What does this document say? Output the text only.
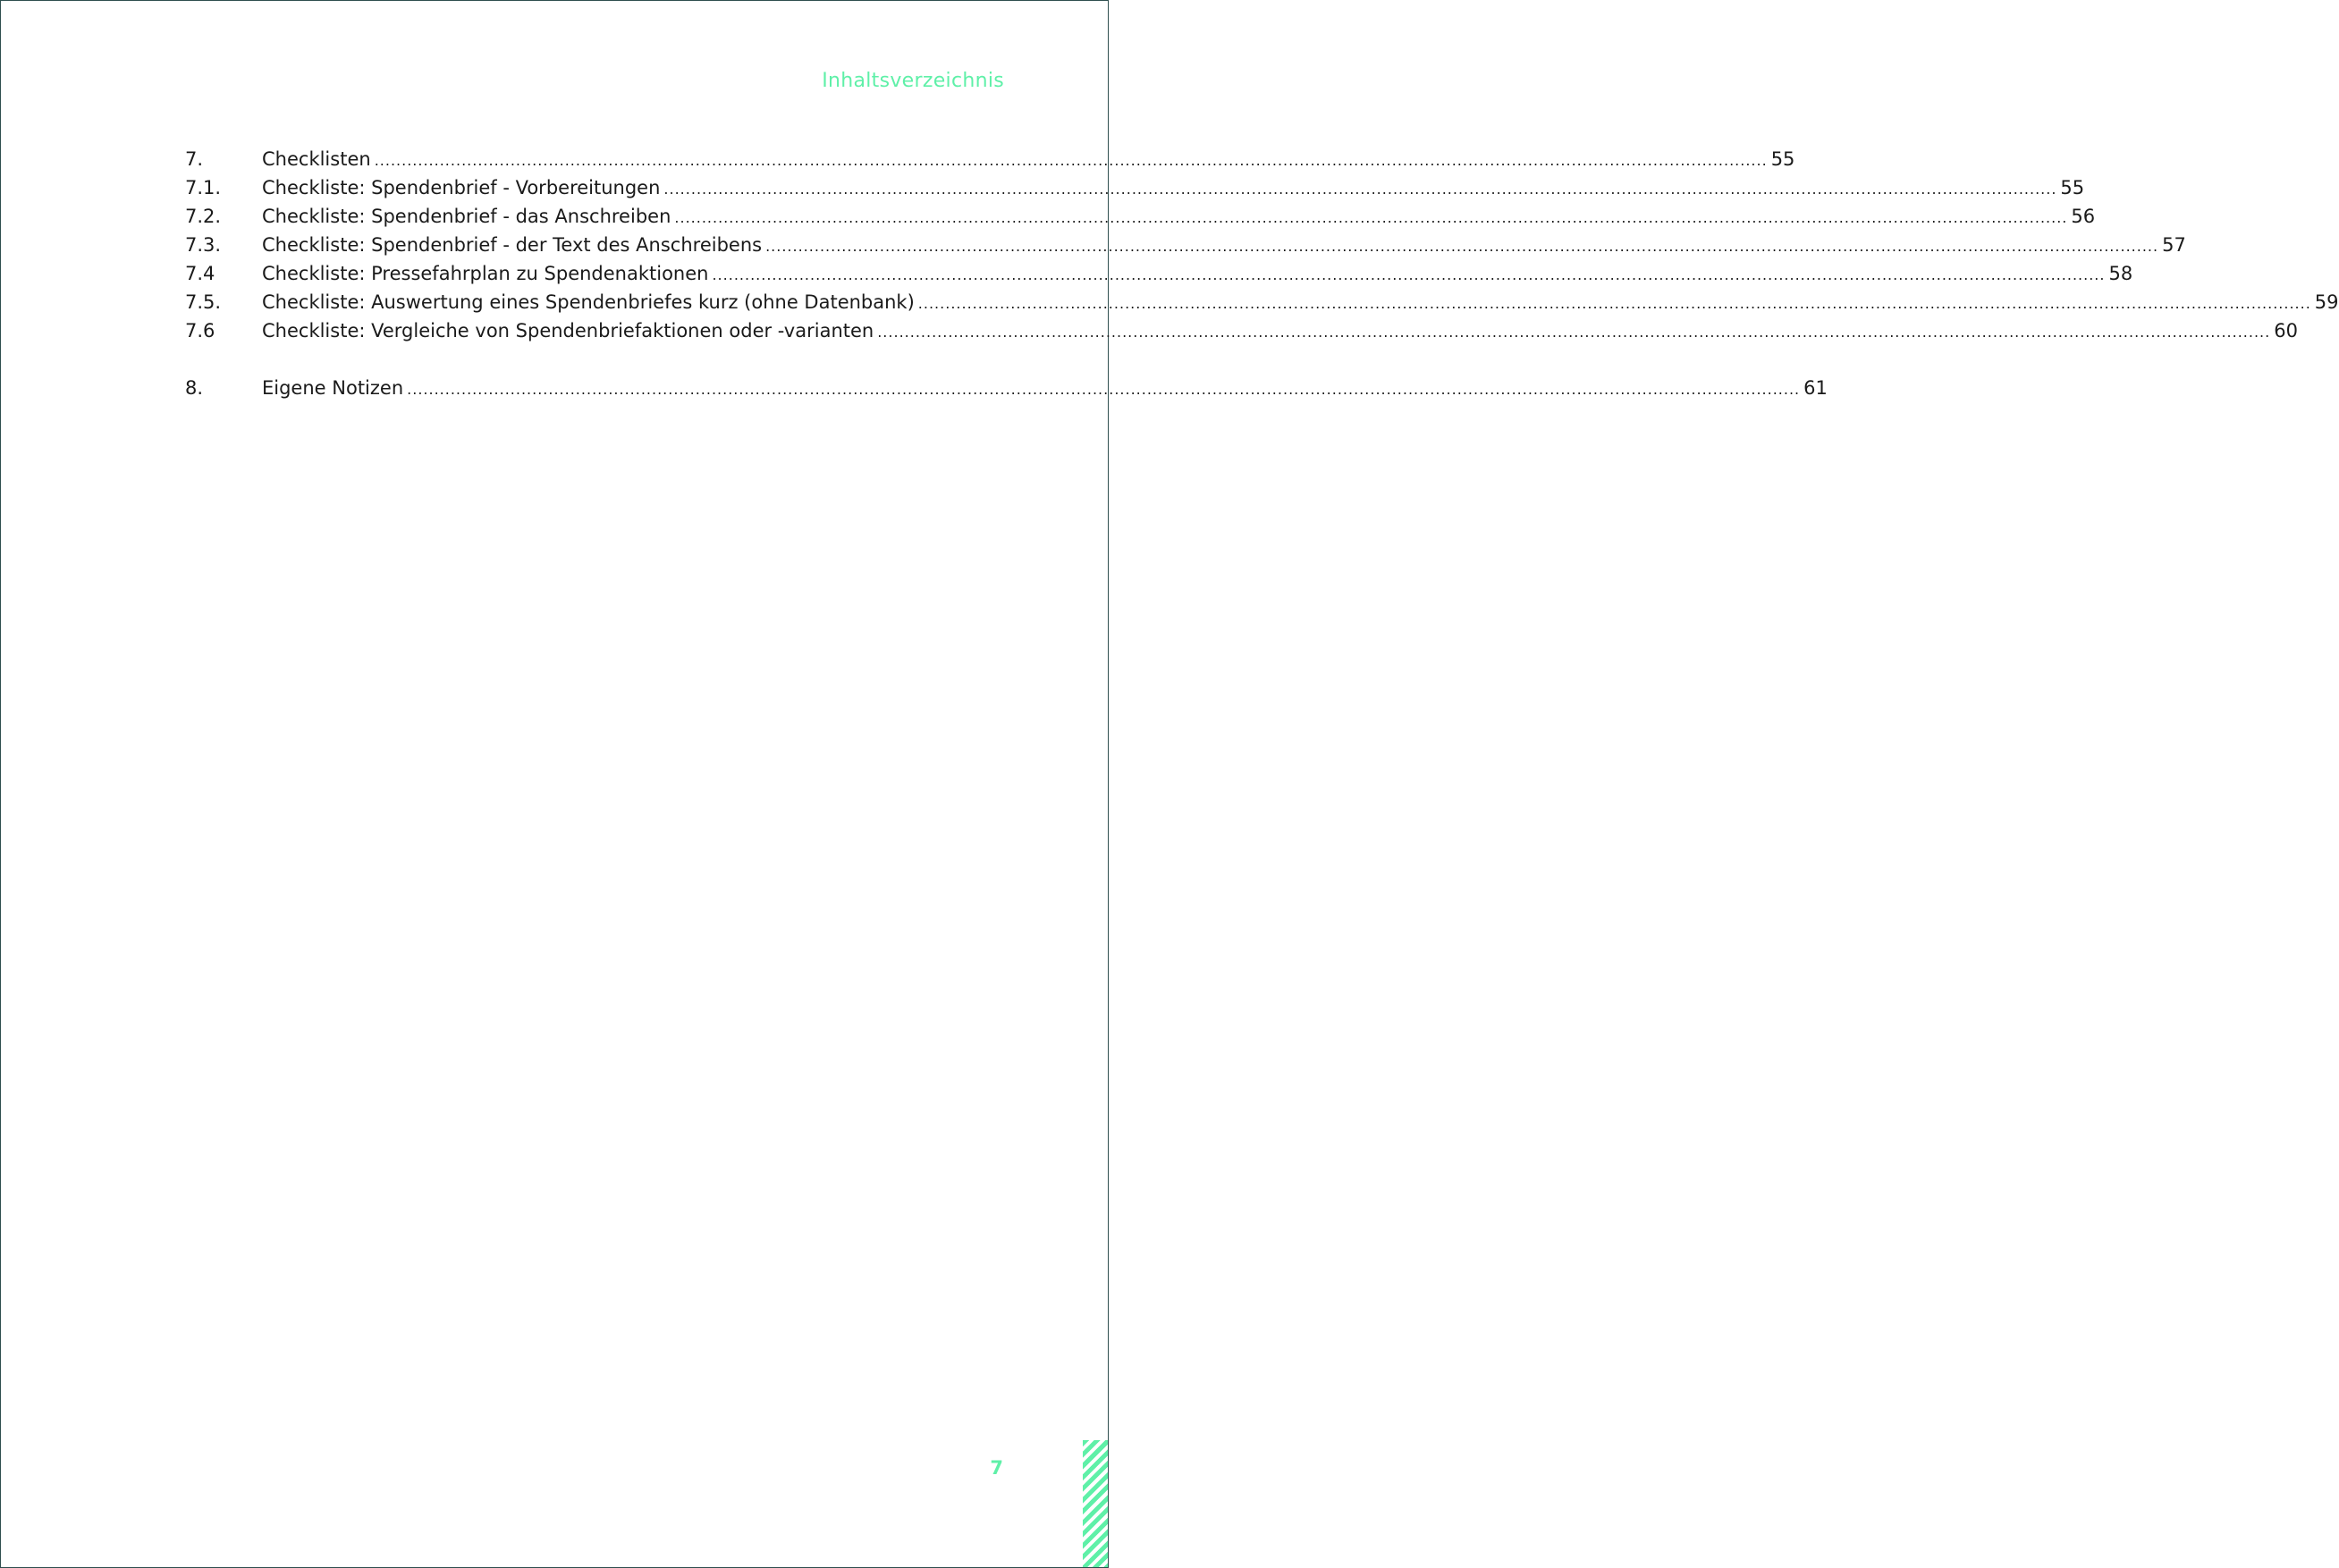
Inhaltsverzeichnis
7.	Checklisten .....	55
7.1.	Checkliste: Spendenbrief - Vorbereitungen .....	55
7.2.	Checkliste: Spendenbrief - das Anschreiben .....	56
7.3.	Checkliste: Spendenbrief - der Text des Anschreibens .....	57
7.4	Checkliste: Pressefahrplan zu Spendenaktionen .....	58
7.5.	Checkliste: Auswertung eines Spendenbriefes kurz (ohne Datenbank) .....	59
7.6	Checkliste: Vergleiche von Spendenbriefaktionen oder -varianten .....	60
8.	Eigene Notizen .....	61
7
